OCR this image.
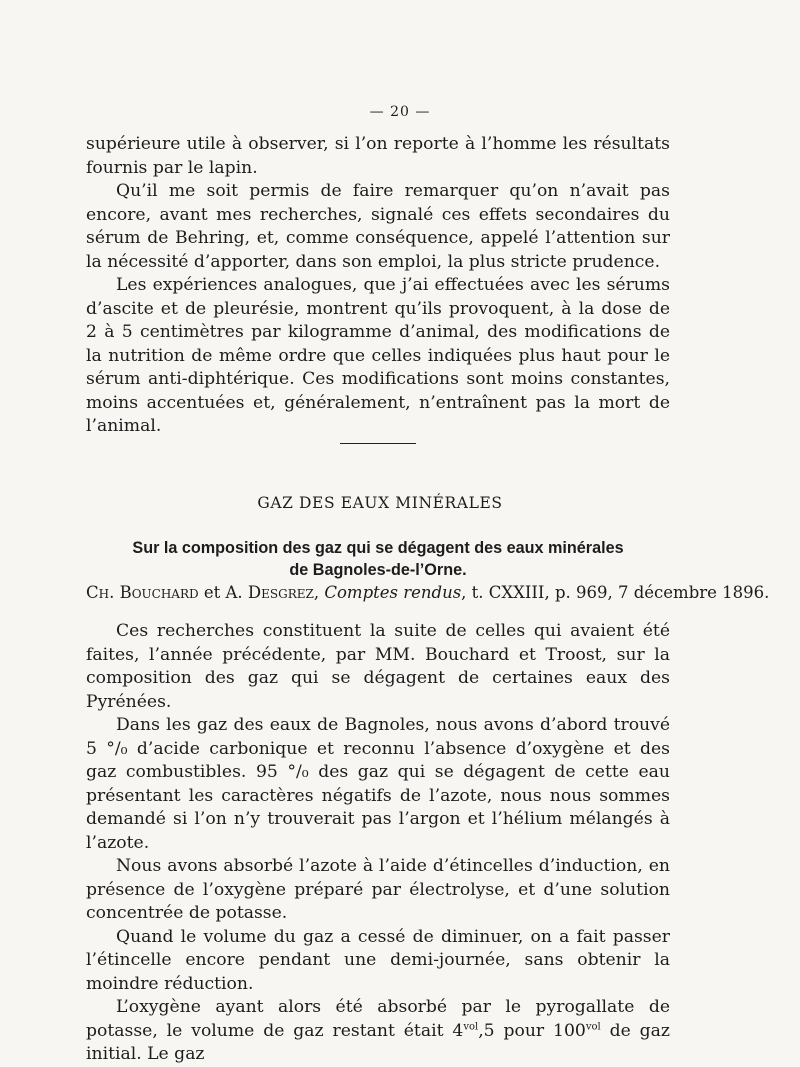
— 20 —

supérieure utile à observer, si l’on reporte à l’homme les résultats fournis par le lapin.

Qu’il me soit permis de faire remarquer qu’on n’avait pas encore, avant mes recherches, signalé ces effets secondaires du sérum de Behring, et, comme conséquence, appelé l’attention sur la nécessité d’apporter, dans son emploi, la plus stricte prudence.

Les expériences analogues, que j’ai effectuées avec les sérums d’ascite et de pleurésie, montrent qu’ils provoquent, à la dose de 2 à 5 centimètres par kilogramme d’animal, des modifications de la nutrition de même ordre que celles indiquées plus haut pour le sérum anti-diphtérique. Ces modifications sont moins constantes, moins accentuées et, généralement, n’entraînent pas la mort de l’animal.

GAZ DES EAUX MINÉRALES
Sur la composition des gaz qui se dégagent des eaux minérales
de Bagnoles-de-l’Orne.
Ch. Bouchard et A. Desgrez, Comptes rendus, t. CXXIII, p. 969, 7 décembre 1896.

Ces recherches constituent la suite de celles qui avaient été faites, l’année précédente, par MM. Bouchard et Troost, sur la composition des gaz qui se dégagent de certaines eaux des Pyrénées.

Dans les gaz des eaux de Bagnoles, nous avons d’abord trouvé 5 °/₀ d’acide carbonique et reconnu l’absence d’oxygène et des gaz combustibles. 95 °/₀ des gaz qui se dégagent de cette eau présentant les caractères négatifs de l’azote, nous nous sommes demandé si l’on n’y trouverait pas l’argon et l’hélium mélangés à l’azote.

Nous avons absorbé l’azote à l’aide d’étincelles d’induction, en présence de l’oxygène préparé par électrolyse, et d’une solution concentrée de potasse.

Quand le volume du gaz a cessé de diminuer, on a fait passer l’étincelle encore pendant une demi-journée, sans obtenir la moindre réduction.

L’oxygène ayant alors été absorbé par le pyrogallate de potasse, le volume de gaz restant était $4^{vol},5$ pour $100^{vol}$ de gaz initial. Le gaz
